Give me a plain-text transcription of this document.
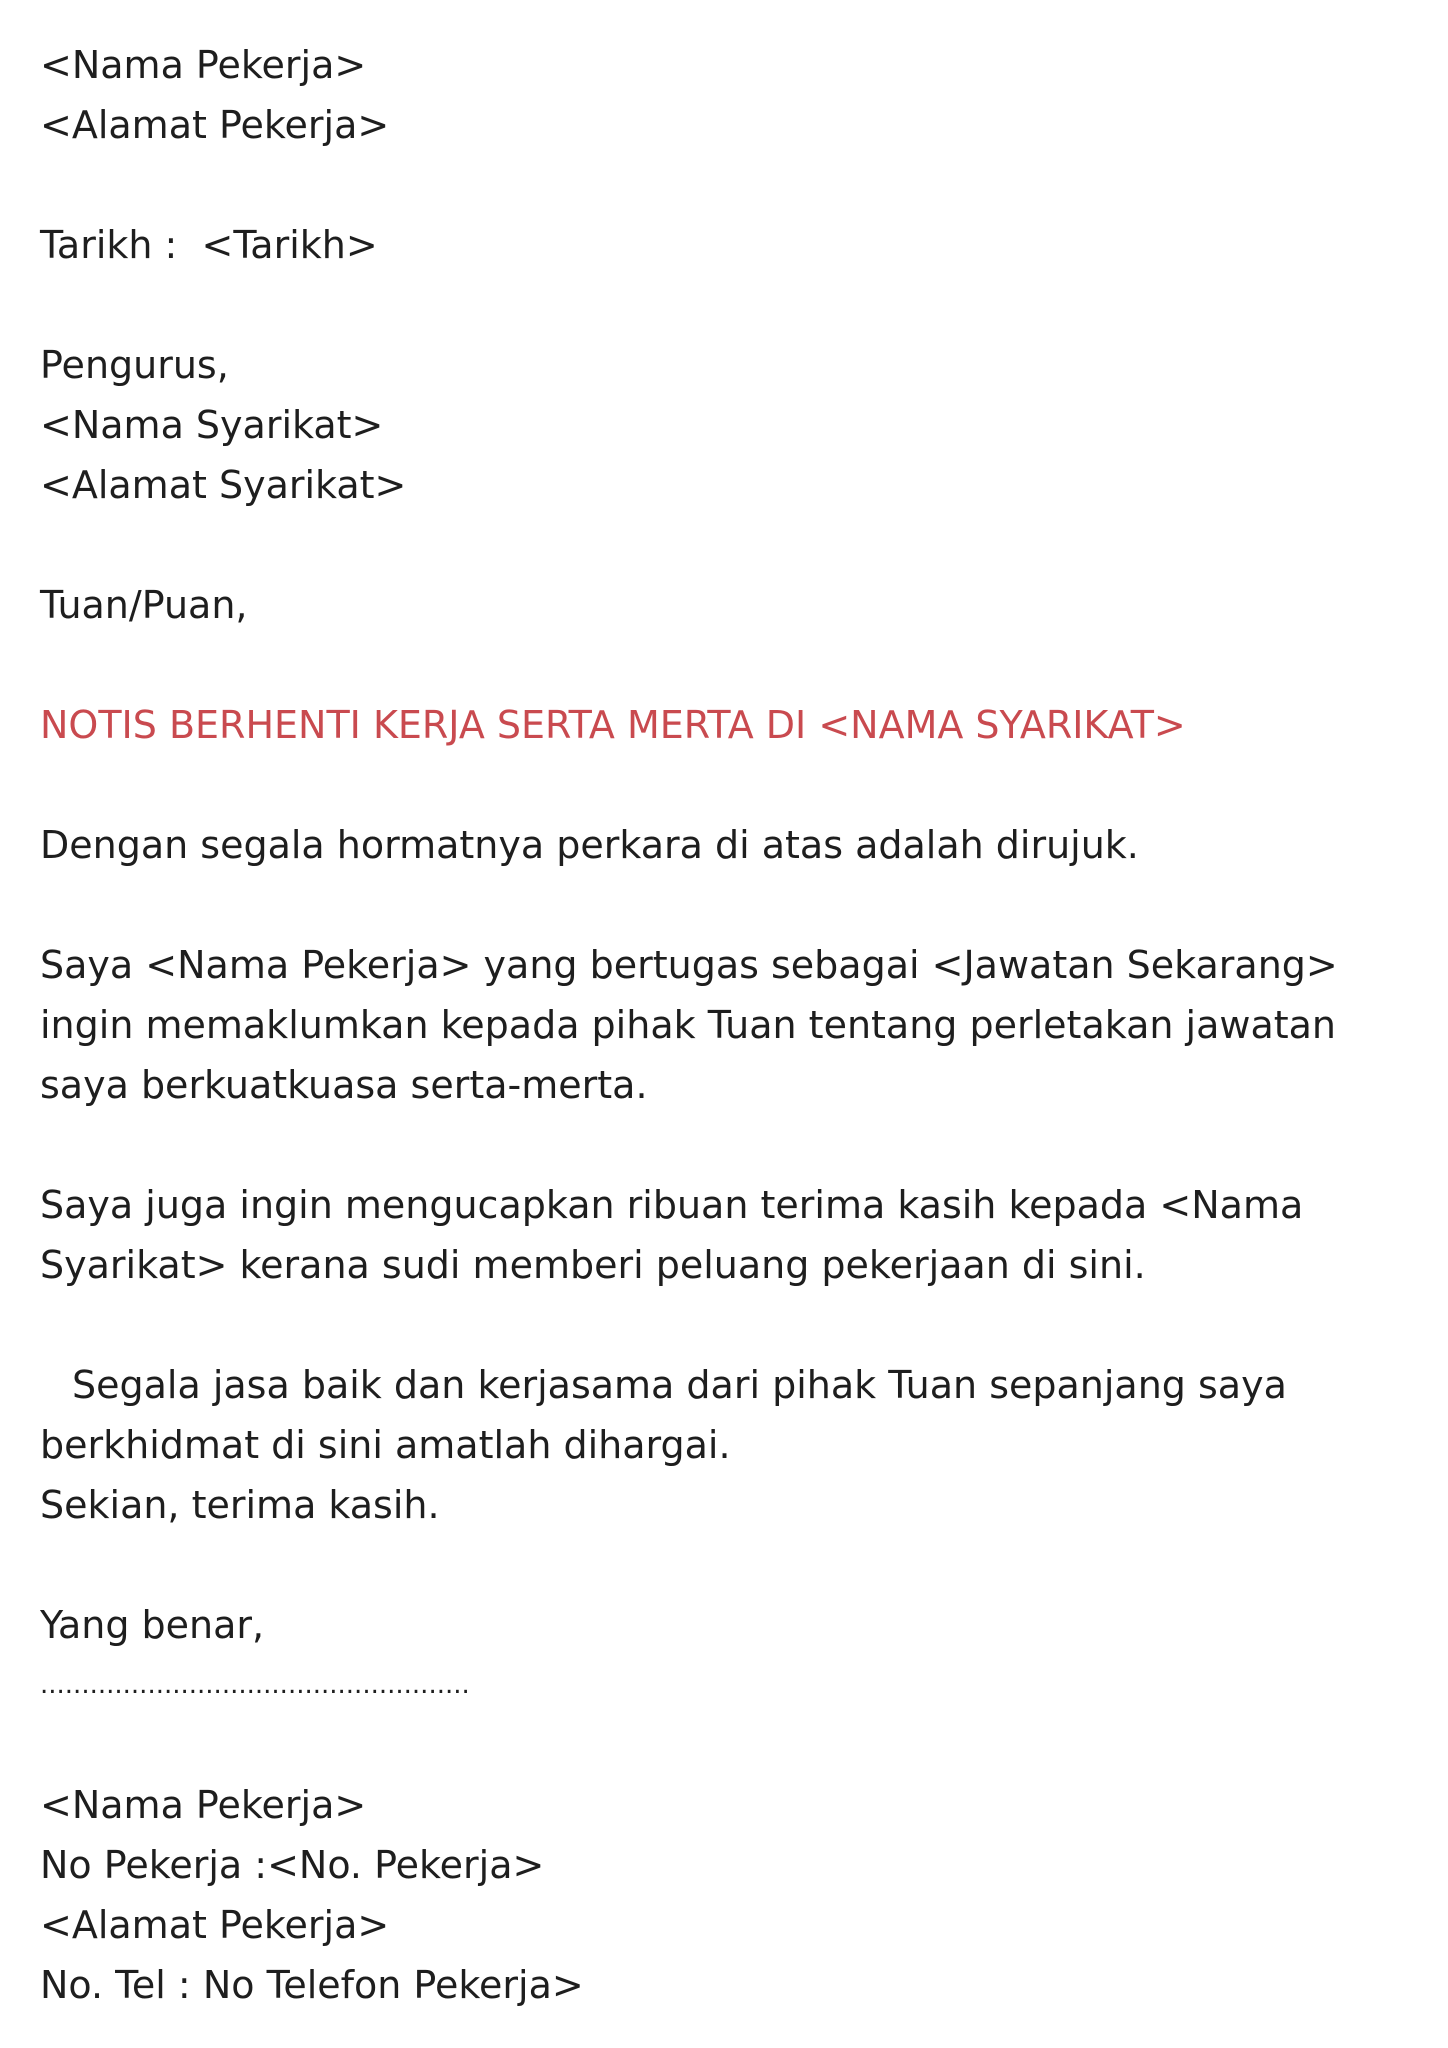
<Nama Pekerja>
<Alamat Pekerja>
Tarikh :  <Tarikh>
Pengurus,
<Nama Syarikat>
<Alamat Syarikat>
Tuan/Puan,
NOTIS BERHENTI KERJA SERTA MERTA DI <NAMA SYARIKAT>
Dengan segala hormatnya perkara di atas adalah dirujuk.
Saya <Nama Pekerja> yang bertugas sebagai <Jawatan Sekarang> ingin memaklumkan kepada pihak Tuan tentang perletakan jawatan saya berkuatkuasa serta-merta.
Saya juga ingin mengucapkan ribuan terima kasih kepada <Nama Syarikat> kerana sudi memberi peluang pekerjaan di sini.
Segala jasa baik dan kerjasama dari pihak Tuan sepanjang saya berkhidmat di sini amatlah dihargai.
Sekian, terima kasih.
Yang benar,
....................................................
<Nama Pekerja>
No Pekerja :<No. Pekerja>
<Alamat Pekerja>
No. Tel : No Telefon Pekerja>
